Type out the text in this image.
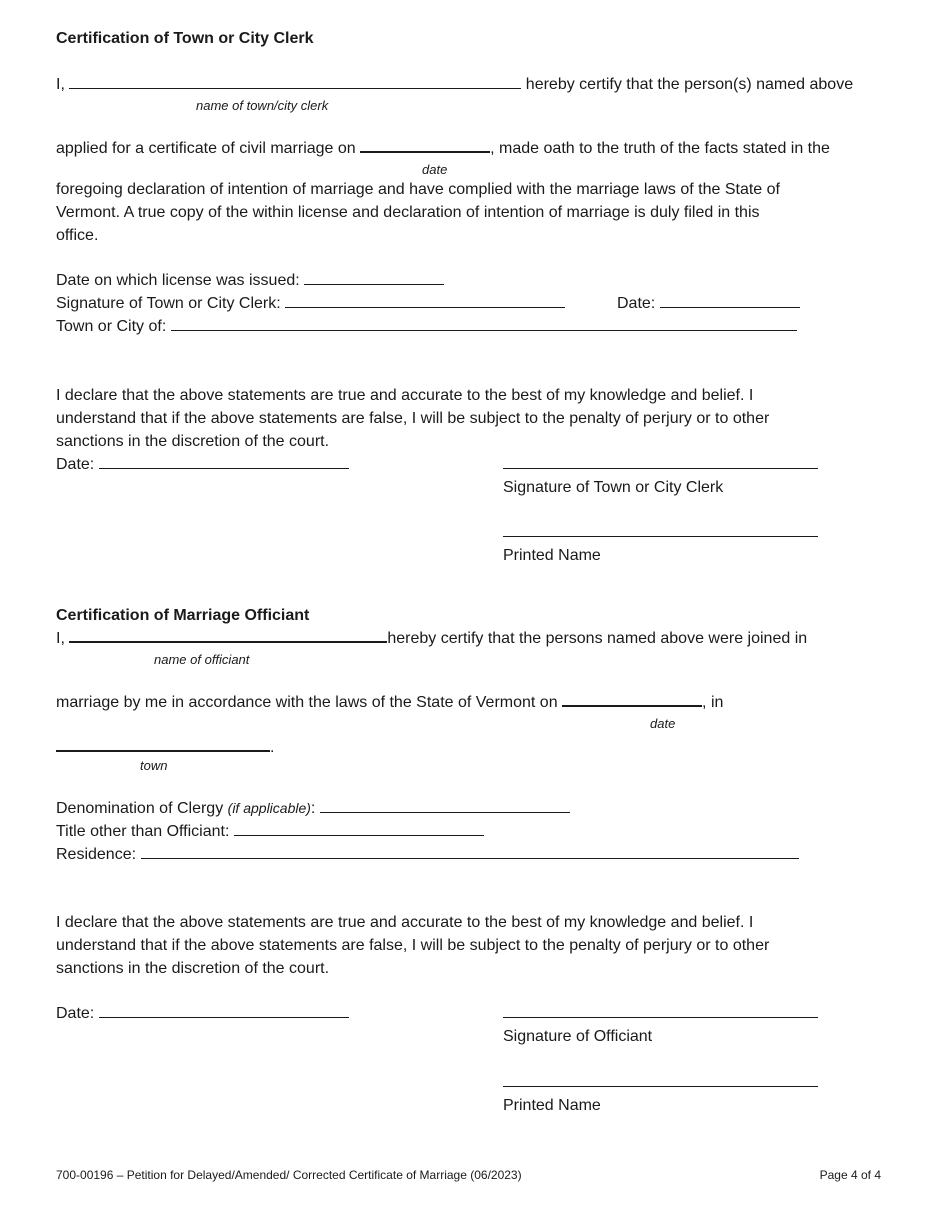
Certification of Town or City Clerk
I,	hereby certify that the person(s) named above
name of town/city clerk
applied for a certificate of civil marriage on	, made oath to the truth of the facts stated in the
date
foregoing declaration of intention of marriage and have complied with the marriage laws of the State of
Vermont. A true copy of the within license and declaration of intention of marriage is duly filed in this
office.
Date on which license was issued:
Signature of Town or City Clerk:	Date:
Town or City of:
I declare that the above statements are true and accurate to the best of my knowledge and belief. I
understand that if the above statements are false, I will be subject to the penalty of perjury or to other
sanctions in the discretion of the court.
Date:
Signature of Town or City Clerk
Printed Name
Certification of Marriage Officiant
I,	hereby certify that the persons named above were joined in
name of officiant
marriage by me in accordance with the laws of the State of Vermont on	, in
date
.
town
Denomination of Clergy (if applicable):
Title other than Officiant:
Residence:
I declare that the above statements are true and accurate to the best of my knowledge and belief. I
understand that if the above statements are false, I will be subject to the penalty of perjury or to other
sanctions in the discretion of the court.
Date:
Signature of Officiant
Printed Name
700-00196 – Petition for Delayed/Amended/ Corrected Certificate of Marriage (06/2023)	Page 4 of 4
